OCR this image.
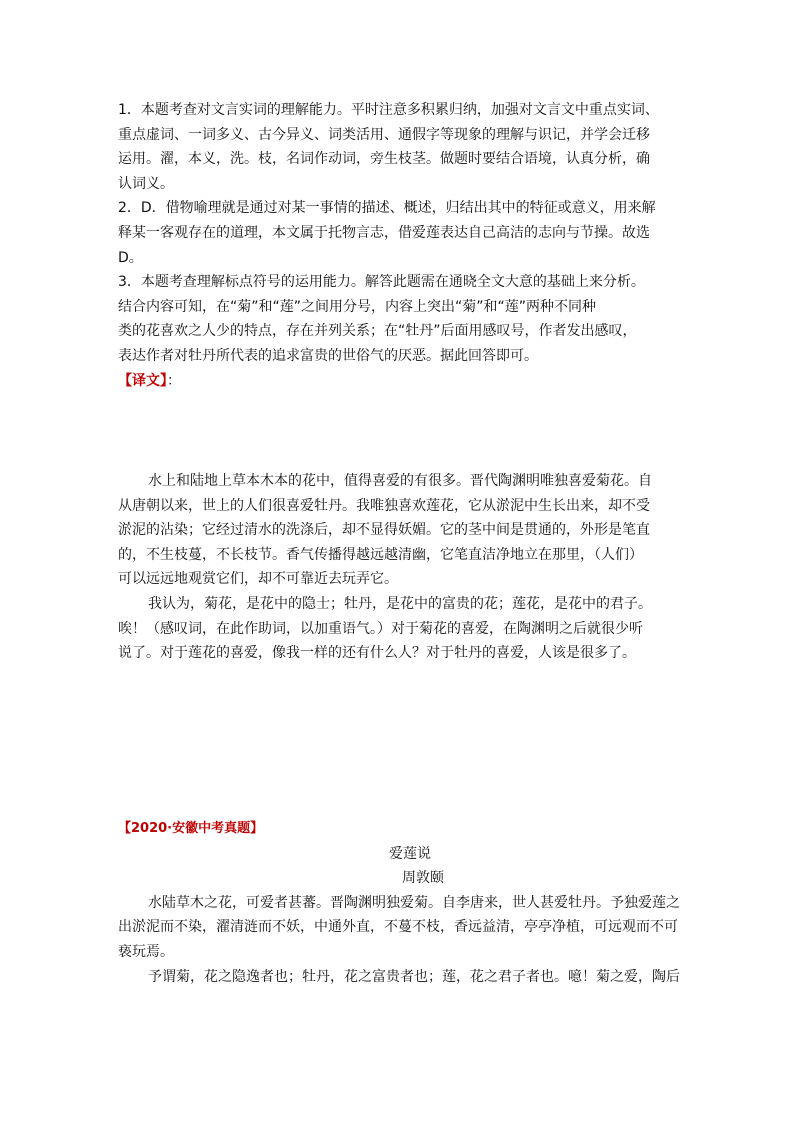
1．本题考查对文言实词的理解能力。平时注意多积累归纳，加强对文言文中重点实词、
重点虚词、一词多义、古今异义、词类活用、通假字等现象的理解与识记，并学会迁移
运用。濯，本义，洗。枝，名词作动词，旁生枝茎。做题时要结合语境，认真分析，确
认词义。
2．D．借物喻理就是通过对某一事情的描述、概述，归结出其中的特征或意义，用来解
释某一客观存在的道理，本文属于托物言志，借爱莲表达自己高洁的志向与节操。故选
D。
3．本题考查理解标点符号的运用能力。解答此题需在通晓全文大意的基础上来分析。
结合内容可知，在“菊”和“莲”之间用分号，内容上突出“菊”和“莲”两种不同种
类的花喜欢之人少的特点，存在并列关系；在“牡丹”后面用感叹号，作者发出感叹，
表达作者对牡丹所代表的追求富贵的世俗气的厌恶。据此回答即可。
【译文】：
水上和陆地上草本木本的花中，值得喜爱的有很多。晋代陶渊明唯独喜爱菊花。自
从唐朝以来，世上的人们很喜爱牡丹。我唯独喜欢莲花，它从淤泥中生长出来，却不受
淤泥的沾染；它经过清水的洗涤后，却不显得妖媚。它的茎中间是贯通的，外形是笔直
的，不生枝蔓，不长枝节。香气传播得越远越清幽，它笔直洁净地立在那里，（人们）
可以远远地观赏它们，却不可靠近去玩弄它。
我认为，菊花，是花中的隐士；牡丹，是花中的富贵的花；莲花，是花中的君子。
唉！（感叹词，在此作助词，以加重语气。）对于菊花的喜爱，在陶渊明之后就很少听
说了。对于莲花的喜爱，像我一样的还有什么人？对于牡丹的喜爱，人该是很多了。
【2020·安徽中考真题】
爱莲说
周敦颐
水陆草木之花，可爱者甚蕃。晋陶渊明独爱菊。自李唐来，世人甚爱牡丹。予独爱莲之
出淤泥而不染，濯清涟而不妖，中通外直，不蔓不枝，香远益清，亭亭净植，可远观而不可
亵玩焉。
予谓菊，花之隐逸者也；牡丹，花之富贵者也；莲，花之君子者也。噫！菊之爱，陶后
